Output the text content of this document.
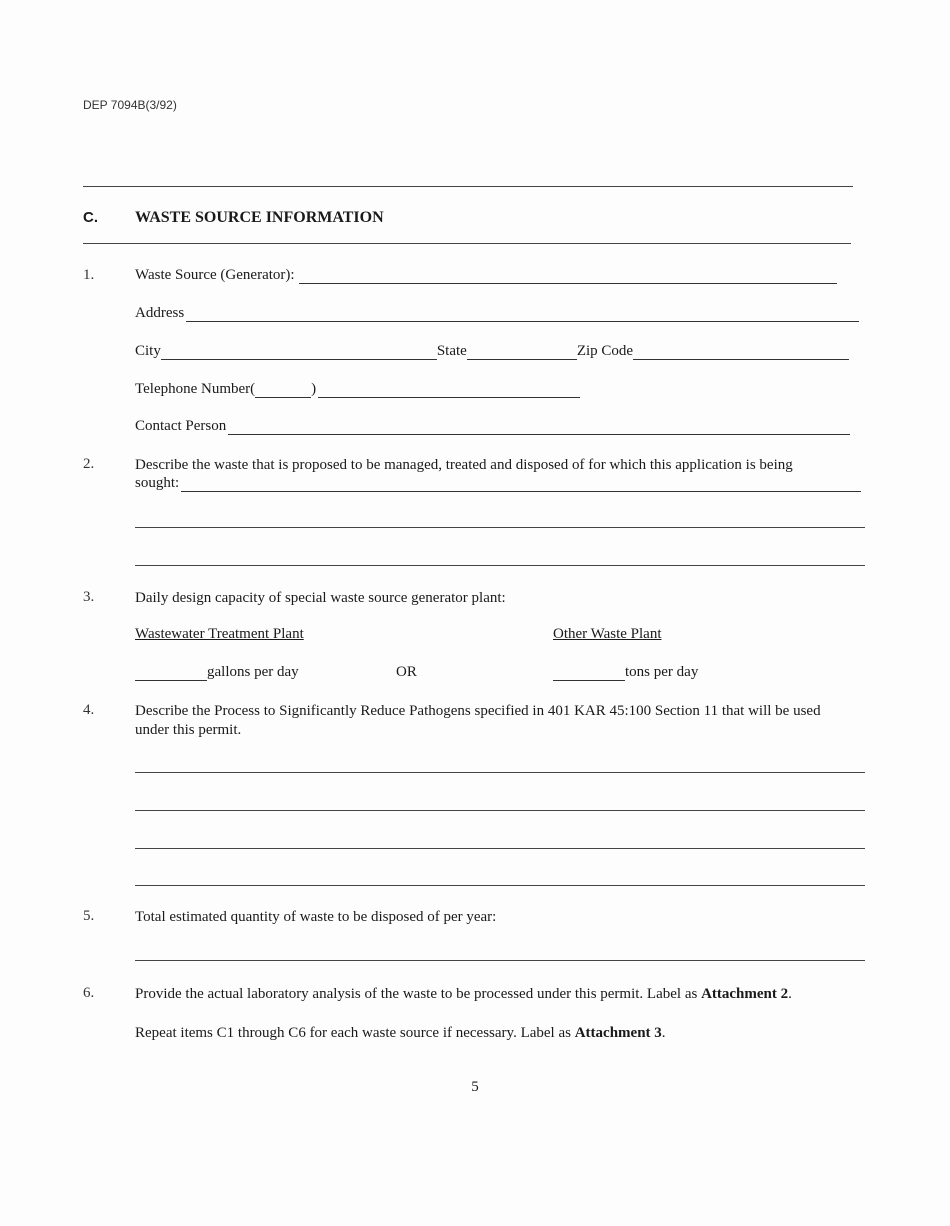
DEP 7094B(3/92)
C. WASTE SOURCE INFORMATION
1.	Waste Source (Generator):
Address
City	State	Zip Code
Telephone Number(	)
Contact Person
2.	Describe the waste that is proposed to be managed, treated and disposed of for which this application is being
sought:
3.	Daily design capacity of special waste source generator plant:
Wastewater Treatment Plant	Other Waste Plant
gallons per day	OR	tons per day
4.	Describe the Process to Significantly Reduce Pathogens specified in 401 KAR 45:100 Section 11 that will be used under this permit.
5.	Total estimated quantity of waste to be disposed of per year:
6.	Provide the actual laboratory analysis of the waste to be processed under this permit. Label as Attachment 2.
Repeat items C1 through C6 for each waste source if necessary. Label as Attachment 3.
5
